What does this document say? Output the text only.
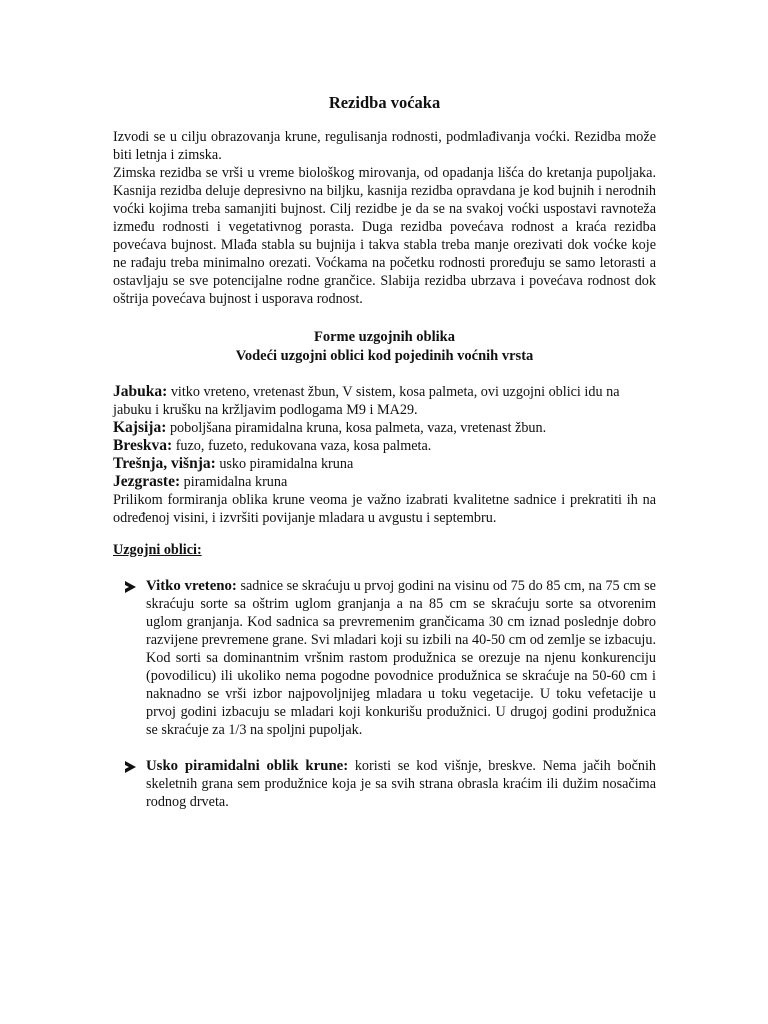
Rezidba voćaka

Izvodi se u cilju obrazovanja krune, regulisanja rodnosti, podmlađivanja voćki. Rezidba može biti letnja i zimska.

Zimska rezidba se vrši u vreme biološkog mirovanja, od opadanja lišća do kretanja pupoljaka. Kasnija rezidba deluje depresivno na biljku, kasnija rezidba opravdana je kod bujnih i nerodnih voćki kojima treba samanjiti bujnost. Cilj rezidbe je da se na svakoj voćki uspostavi ravnoteža između rodnosti i vegetativnog porasta. Duga rezidba povećava rodnost a kraća rezidba povećava bujnost. Mlađa stabla su bujnija i takva stabla treba manje orezivati dok voćke koje ne rađaju treba minimalno orezati. Voćkama na početku rodnosti proređuju se samo letorasti a ostavljaju se sve potencijalne rodne grančice. Slabija rezidba ubrzava i povećava rodnost dok oštrija povećava bujnost i usporava rodnost.

Forme uzgojnih oblika
Vodeći uzgojni oblici kod pojedinih voćnih vrsta

Jabuka: vitko vreteno, vretenast žbun, V sistem, kosa palmeta, ovi uzgojni oblici idu na jabuku i krušku na kržljavim podlogama M9 i MA29.

Kajsija: poboljšana piramidalna kruna, kosa palmeta, vaza, vretenast žbun.

Breskva: fuzo, fuzeto, redukovana vaza, kosa palmeta.

Trešnja, višnja: usko piramidalna kruna

Jezgraste: piramidalna kruna

Prilikom formiranja oblika krune veoma je važno izabrati kvalitetne sadnice i prekratiti ih na određenoj visini, i izvršiti povijanje mladara u avgustu i septembru.

Uzgojni oblici:
Vitko vreteno: sadnice se skraćuju u prvoj godini na visinu od 75 do 85 cm, na 75 cm se skraćuju sorte sa oštrim uglom granjanja a na 85 cm se skraćuju sorte sa otvorenim uglom granjanja. Kod sadnica sa prevremenim grančicama 30 cm iznad poslednje dobro razvijene prevremene grane. Svi mladari koji su izbili na 40-50 cm od zemlje se izbacuju. Kod sorti sa dominantnim vršnim rastom produžnica se orezuje na njenu konkurenciju (povodilicu) ili ukoliko nema pogodne povodnice produžnica se skraćuje na 50-60 cm i naknadno se vrši izbor najpovoljnijeg mladara u toku vegetacije. U toku vefetacije u prvoj godini izbacuju se mladari koji konkurišu produžnici. U drugoj godini produžnica se skraćuje za 1/3 na spoljni pupoljak.
Usko piramidalni oblik krune: koristi se kod višnje, breskve. Nema jačih bočnih skeletnih grana sem produžnice koja je sa svih strana obrasla kraćim ili dužim nosačima rodnog drveta.
